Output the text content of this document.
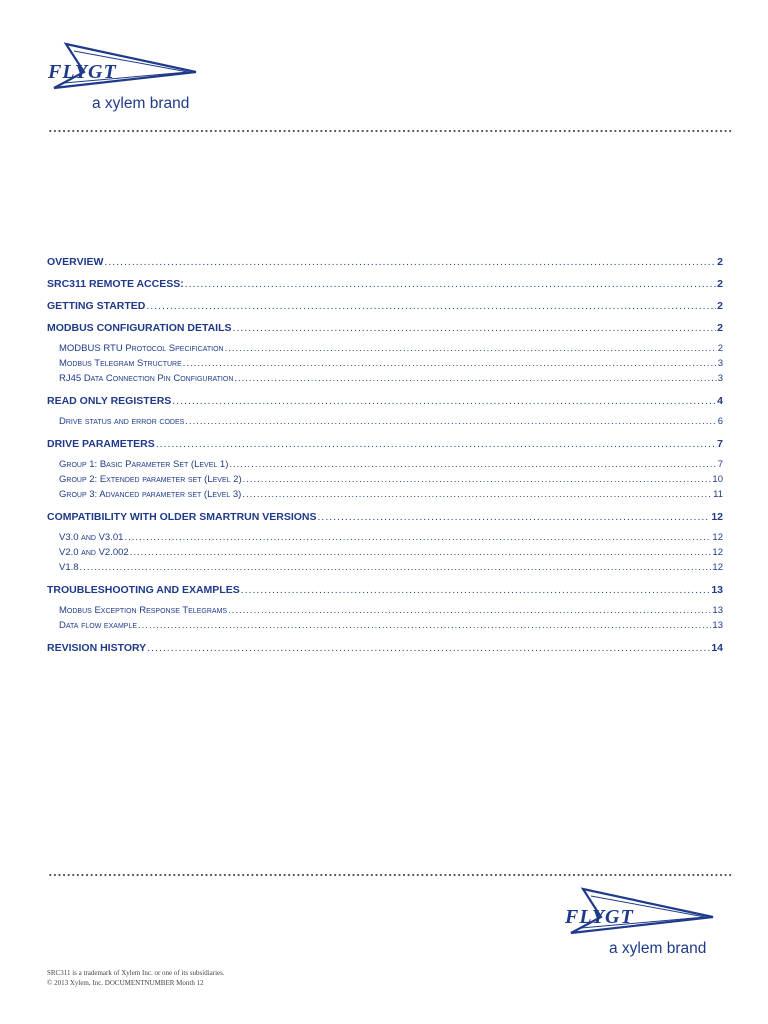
FLYGT
a xylem brand
OVERVIEW .....	2
SRC311 REMOTE ACCESS: .....	2
GETTING STARTED .....	2
MODBUS CONFIGURATION DETAILS .....	2
MODBUS RTU Protocol Specification .....	2
Modbus Telegram Structure .....	3
RJ45 Data Connection Pin Configuration .....	3
READ ONLY REGISTERS .....	4
Drive status and error codes .....	6
DRIVE PARAMETERS .....	7
Group 1: Basic Parameter Set (Level 1) .....	7
Group 2: Extended parameter set (Level 2) .....	10
Group 3: Advanced parameter set (Level 3) .....	11
COMPATIBILITY WITH OLDER SMARTRUN VERSIONS .....	12
V3.0 and V3.01 .....	12
V2.0 and V2.002 .....	12
V1.8 .....	12
TROUBLESHOOTING AND EXAMPLES .....	13
Modbus Exception Response Telegrams .....	13
Data flow example .....	13
REVISION HISTORY .....	14
FLYGT
a xylem brand
SRC311 is a trademark of Xylem Inc. or one of its subsidiaries.
© 2013 Xylem, Inc. DOCUMENTNUMBER Month 12
